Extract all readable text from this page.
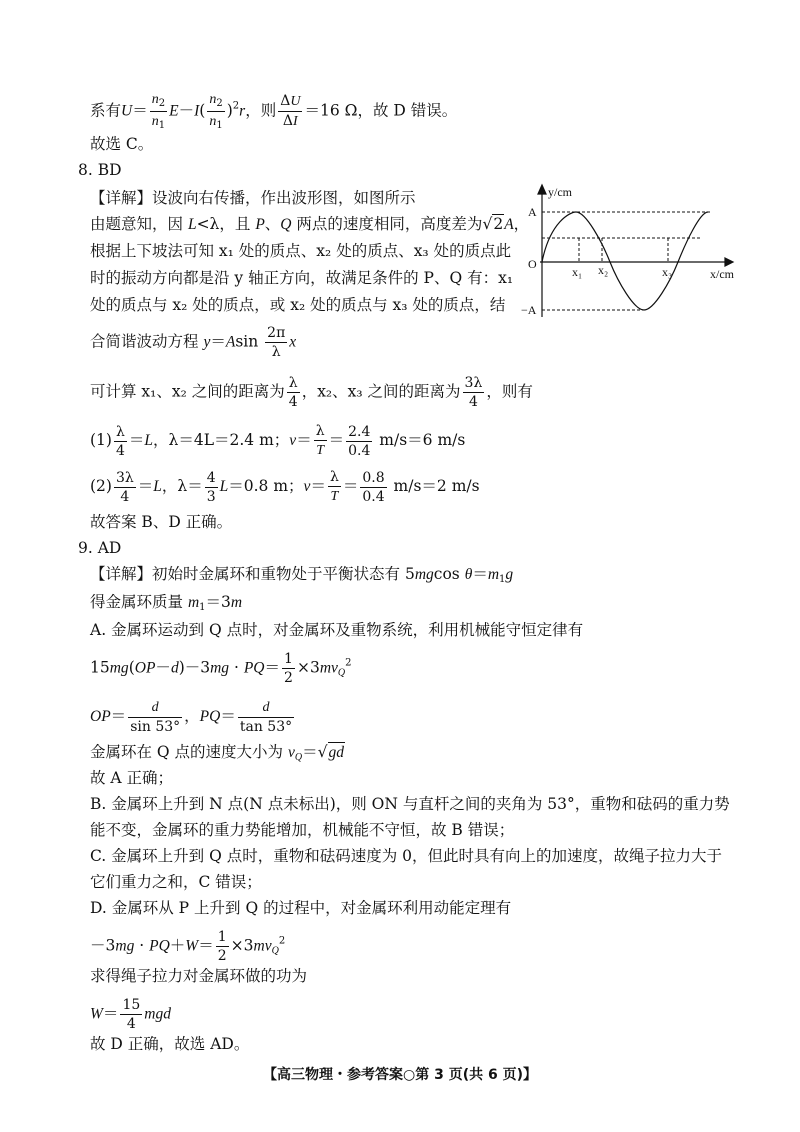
系有$U= \frac{n_2}{n_1} E-I( \frac{n_2}{n_1} )^2r$，则 $\frac{\Delta U}{\Delta I} =16$ Ω，故 D 错误。
故选 C。
8. BD
【详解】设波向右传播，作出波形图，如图所示
由题意知，因 L<λ，且 P、Q 两点的速度相同，高度差为√2A，
根据上下坡法可知 x₁ 处的质点、x₂ 处的质点、x₃ 处的质点此
时的振动方向都是沿 y 轴正方向，故满足条件的 P、Q 有：x₁
处的质点与 x₂ 处的质点，或 x₂ 处的质点与 x₃ 处的质点，结
合简谐波动方程 $y=Asin \frac{2\pi}{\lambda}$ x
可计算 x₁、x₂ 之间的距离为 $\frac{\lambda}{4}$ ，x₂、x₃ 之间的距离为 $\frac{3\lambda}{4}$ ，则有
$(1) \frac{\lambda}{4} =L$，λ＝4L＝2.4 m；$v= \frac{\lambda}{T} = \frac{2.4}{0.4} m/s=6$ m/s
$(2) \frac{3\lambda}{4} =L$，$\lambda= \frac{4}{3} L=0.8$ m；$v= \frac{\lambda}{T} = \frac{0.8}{0.4} m/s=2$ m/s
故答案 B、D 正确。
y/cm
x/cm
O
A
−A
x₁ x₂	x₃
9. AD
【详解】初始时金属环和重物处于平衡状态有 5mgcos $\theta=m_1g$
得金属环质量 $m_1=3m$
A. 金属环运动到 Q 点时，对金属环及重物系统，利用机械能守恒定律有
$15mg(OP-d)-3mg \cdot PQ= \frac{1}{2} \times 3mv_Q^2$
$OP= \frac{d}{\sin 53^\circ}$ ，$PQ= \frac{d}{\tan 53^\circ}$
金属环在 Q 点的速度大小为 $v_Q=√gd$
故 A 正确；
B. 金属环上升到 N 点(N 点未标出)，则 ON 与直杆之间的夹角为 53°，重物和砝码的重力势
能不变，金属环的重力势能增加，机械能不守恒，故 B 错误；
C. 金属环上升到 Q 点时，重物和砝码速度为 0，但此时具有向上的加速度，故绳子拉力大于
它们重力之和，C 错误；
D. 金属环从 P 上升到 Q 的过程中，对金属环利用动能定理有
$-3mg \cdot PQ+W= \frac{1}{2} \times 3mv_Q^2$
求得绳子拉力对金属环做的功为
$W= \frac{15}{4}$ mgd
故 D 正确，故选 AD。
【高三物理・参考答案○第 3 页(共 6 页)】
